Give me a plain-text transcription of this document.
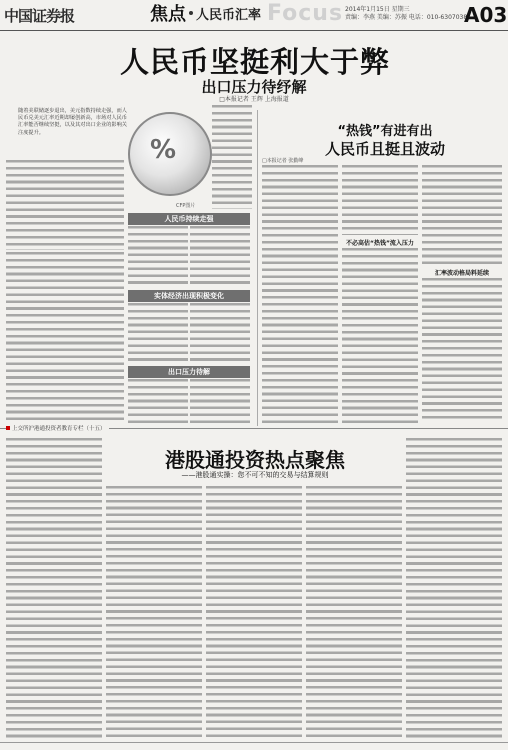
中国证券报	焦点 人民币汇率 Focus 2014年1月15日 星期三
责编：李燕 美编：苏振 电话：010-63070381
A03
人民币坚挺利大于弊
出口压力待纾解
□本报记者 王辉 上海报道
随着美联储逐步退出，美元指数持续走强，而人民币兑美元汇率近期却屡创新高，市场对人民币汇率能否继续坚挺，以及其对出口企业的影响关注度提升。
%
CFP图片
“热钱”有进有出
人民币且挺且波动
□本报记者 张勤峰
人民币持续走强
实体经济出现积极变化
出口压力待解
不必高估“热钱”流入压力
汇率波动格局料延续
上交所沪港通投资者教育专栏（十五）
港股通投资热点聚焦
——港股通实操：您不可不知的交易与结算规则
